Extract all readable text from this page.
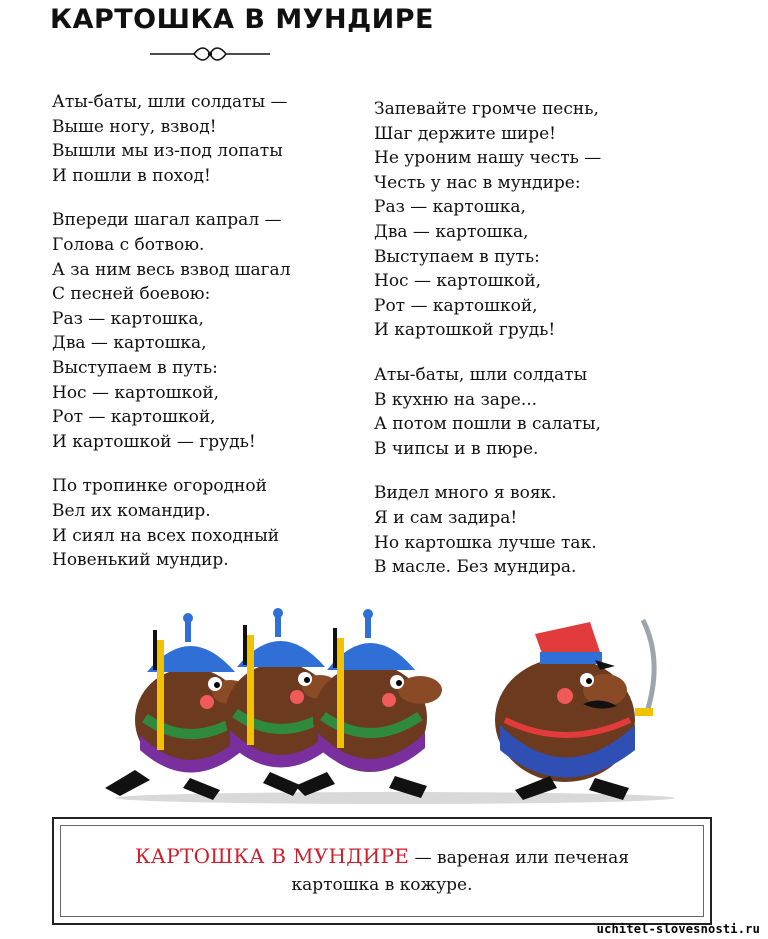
КАРТОШКА В МУНДИРЕ
Аты-баты, шли солдаты —
Выше ногу, взвод!
Вышли мы из-под лопаты
И пошли в поход!
Впереди шагал капрал —
Голова с ботвою.
А за ним весь взвод шагал
С песней боевою:
Раз — картошка,
Два — картошка,
Выступаем в путь:
Нос — картошкой,
Рот — картошкой,
И картошкой — грудь!
По тропинке огородной
Вел их командир.
И сиял на всех походный
Новенький мундир.
Запевайте громче песнь,
Шаг держите шире!
Не уроним нашу честь —
Честь у нас в мундире:
Раз — картошка,
Два — картошка,
Выступаем в путь:
Нос — картошкой,
Рот — картошкой,
И картошкой грудь!
Аты-баты, шли солдаты
В кухню на заре...
А потом пошли в салаты,
В чипсы и в пюре.
Видел много я вояк.
Я и сам задира!
Но картошка лучше так.
В масле. Без мундира.
КАРТОШКА В МУНДИРЕ — вареная или печеная
картошка в кожуре.
uchitel-slovesnosti.ru
